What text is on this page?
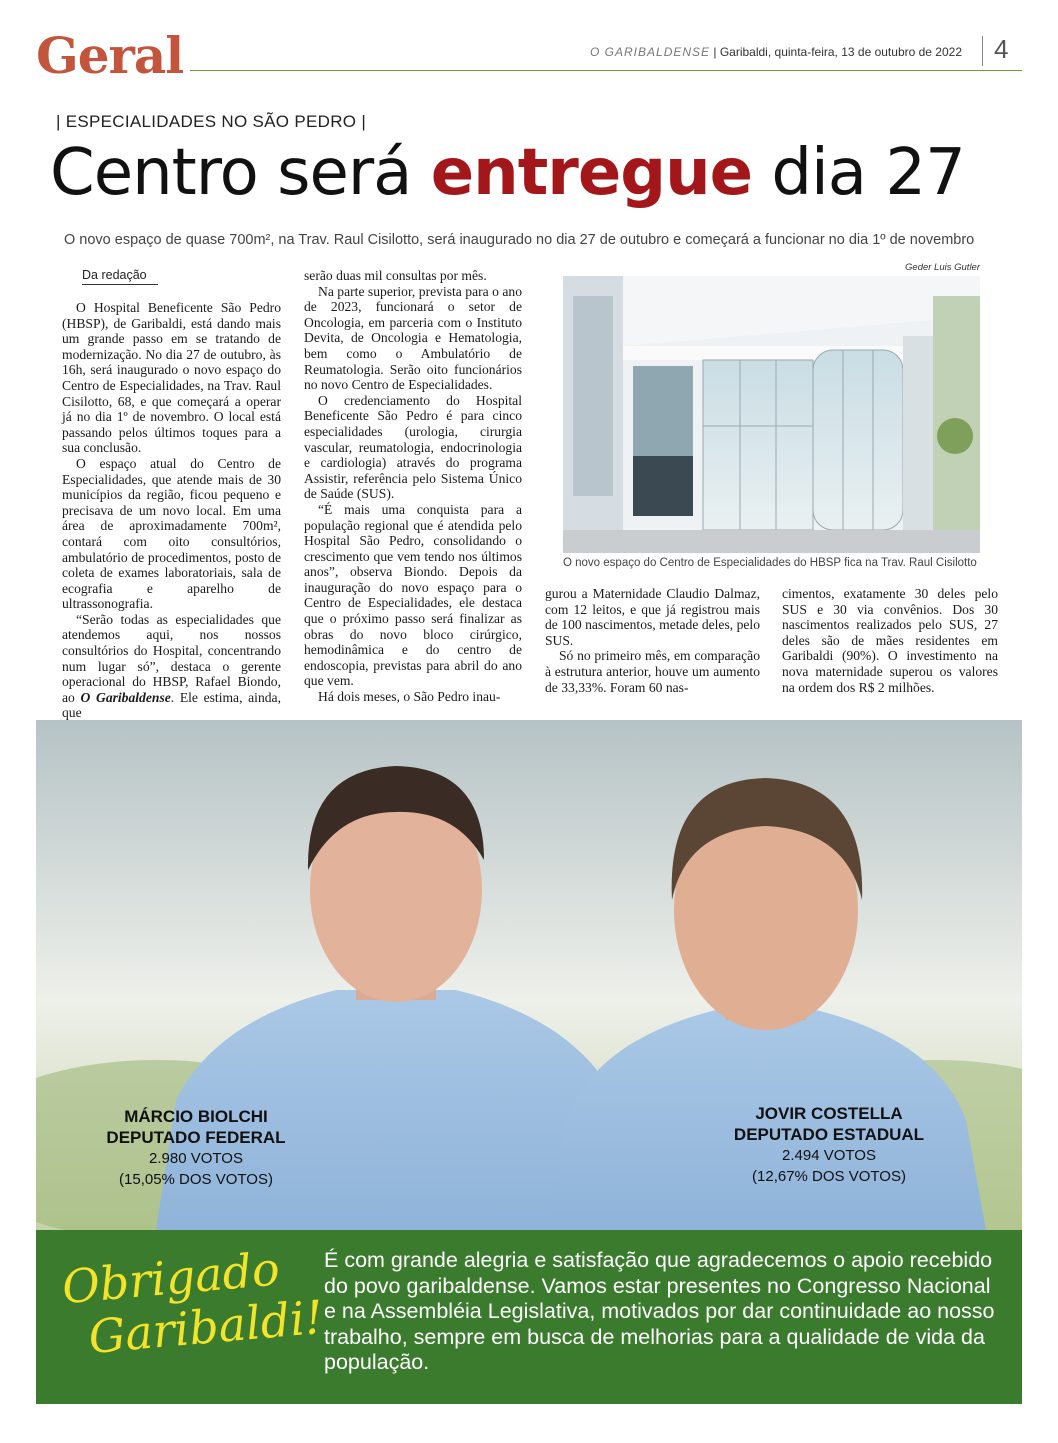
Geral	O GARIBALDENSE | Garibaldi, quinta-feira, 13 de outubro de 2022 4
| ESPECIALIDADES NO SÃO PEDRO |
Centro será entregue dia 27
O novo espaço de quase 700m², na Trav. Raul Cisilotto, será inaugurado no dia 27 de outubro e começará a funcionar no dia 1º de novembro
Geder Luis Gutler
Da redação

O Hospital Beneficente São Pedro (HBSP), de Garibaldi, está dando mais um grande passo em se tratando de modernização. No dia 27 de outubro, às 16h, será inaugurado o novo espaço do Centro de Especialidades, na Trav. Raul Cisilotto, 68, e que começará a operar já no dia 1º de novembro. O local está passando pelos últimos toques para a sua conclusão.

O espaço atual do Centro de Especialidades, que atende mais de 30 municípios da região, ficou pequeno e precisava de um novo local. Em uma área de aproximadamente 700m², contará com oito consultórios, ambulatório de procedimentos, posto de coleta de exames laboratoriais, sala de ecografia e aparelho de ultrassonografia.

“Serão todas as especialidades que atendemos aqui, nos nossos consultórios do Hospital, concentrando num lugar só”, destaca o gerente operacional do HBSP, Rafael Biondo, ao O Garibaldense. Ele estima, ainda, que

serão duas mil consultas por mês.

Na parte superior, prevista para o ano de 2023, funcionará o setor de Oncologia, em parceria com o Instituto Devita, de Oncologia e Hematologia, bem como o Ambulatório de Reumatologia. Serão oito funcionários no novo Centro de Especialidades.

O credenciamento do Hospital Beneficente São Pedro é para cinco especialidades (urologia, cirurgia vascular, reumatologia, endocrinologia e cardiologia) através do programa Assistir, referência pelo Sistema Único de Saúde (SUS).

“É mais uma conquista para a população regional que é atendida pelo Hospital São Pedro, consolidando o crescimento que vem tendo nos últimos anos”, observa Biondo. Depois da inauguração do novo espaço para o Centro de Especialidades, ele destaca que o próximo passo será finalizar as obras do novo bloco cirúrgico, hemodinâmica e do centro de endoscopia, previstas para abril do ano que vem.

Há dois meses, o São Pedro inau-

gurou a Maternidade Claudio Dalmaz, com 12 leitos, e que já registrou mais de 100 nascimentos, metade deles, pelo SUS.

Só no primeiro mês, em comparação à estrutura anterior, houve um aumento de 33,33%. Foram 60 nas-

cimentos, exatamente 30 deles pelo SUS e 30 via convênios. Dos 30 nascimentos realizados pelo SUS, 27 deles são de mães residentes em Garibaldi (90%). O investimento na nova maternidade superou os valores na ordem dos R$ 2 milhões.

O novo espaço do Centro de Especialidades do HBSP fica na Trav. Raul Cisilotto
MÁRCIO BIOLCHI
DEPUTADO FEDERAL
2.980 VOTOS
(15,05% DOS VOTOS)
JOVIR COSTELLA
DEPUTADO ESTADUAL
2.494 VOTOS
(12,67% DOS VOTOS)
Obrigado
Garibaldi!
É com grande alegria e satisfação que agradecemos o apoio recebido do povo garibaldense. Vamos estar presentes no Congresso Nacional e na Assembléia Legislativa, motivados por dar continuidade ao nosso trabalho, sempre em busca de melhorias para a qualidade de vida da população.
